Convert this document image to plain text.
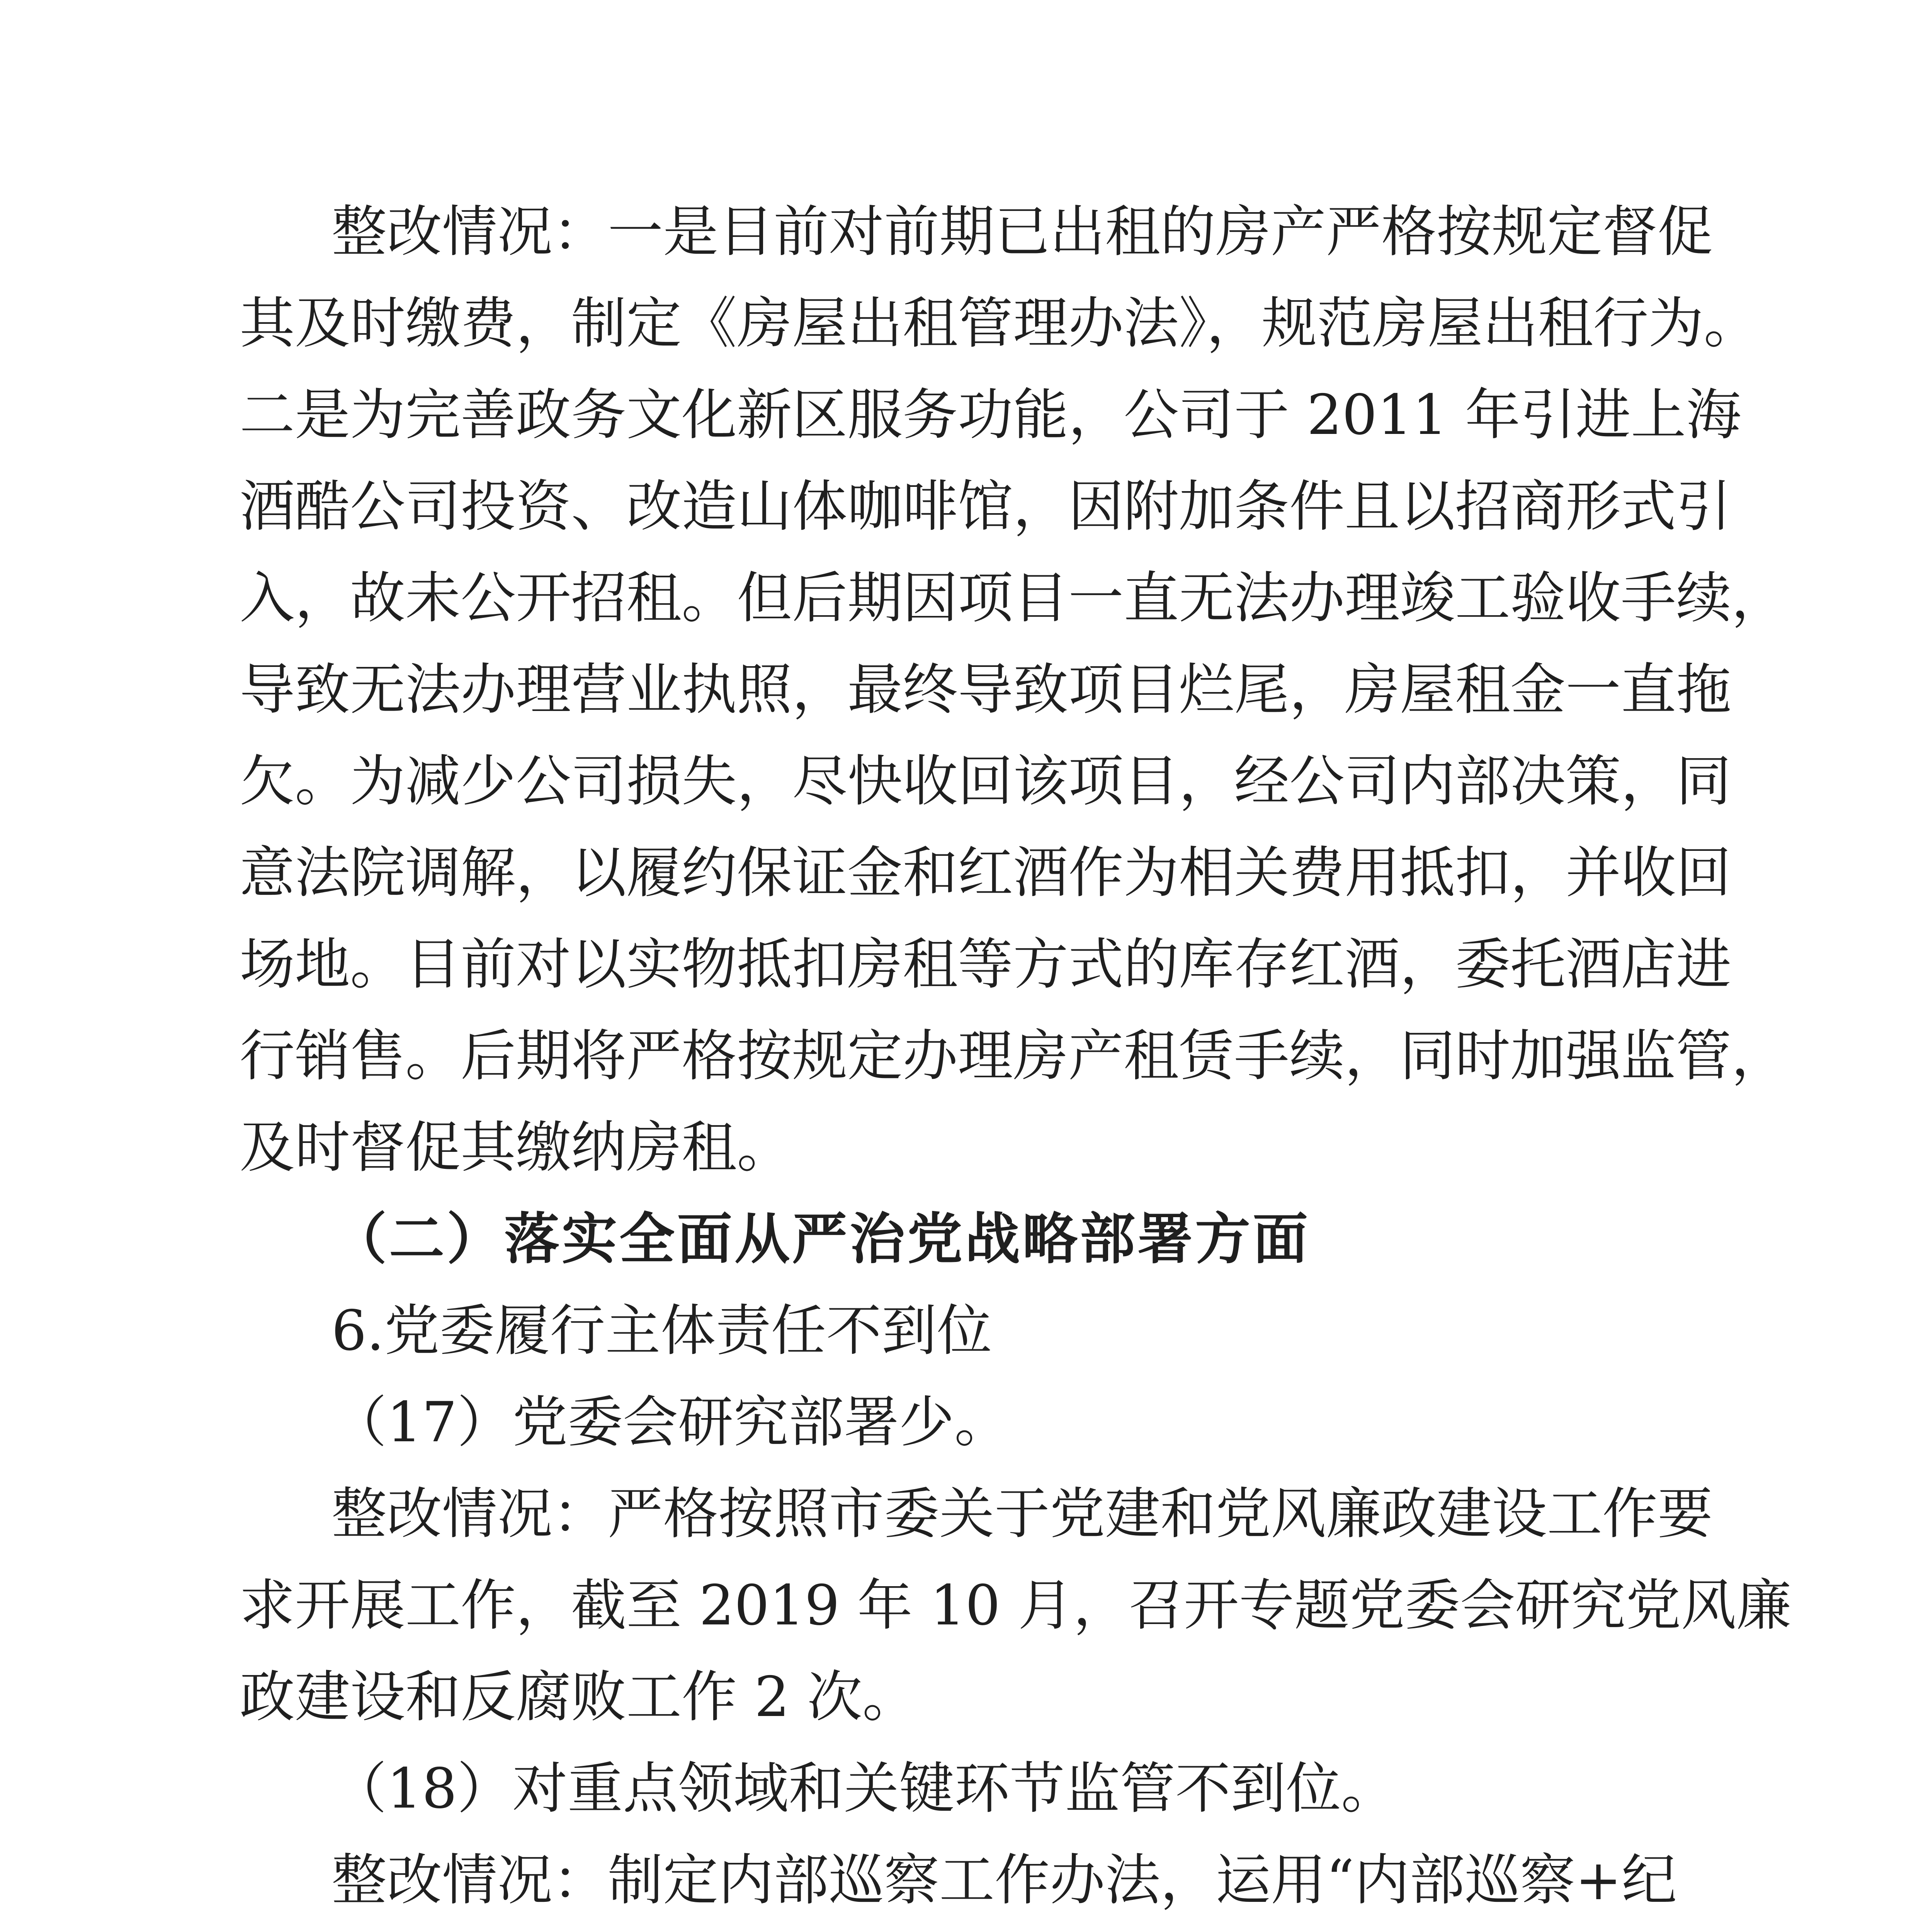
整改情况：一是目前对前期已出租的房产严格按规定督促
其及时缴费，制定《房屋出租管理办法》，规范房屋出租行为。
二是为完善政务文化新区服务功能，公司于 2011 年引进上海
酒酷公司投资、改造山体咖啡馆，因附加条件且以招商形式引
入，故未公开招租。但后期因项目一直无法办理竣工验收手续，
导致无法办理营业执照，最终导致项目烂尾，房屋租金一直拖
欠。为减少公司损失，尽快收回该项目，经公司内部决策，同
意法院调解，以履约保证金和红酒作为相关费用抵扣，并收回
场地。目前对以实物抵扣房租等方式的库存红酒，委托酒店进
行销售。后期将严格按规定办理房产租赁手续，同时加强监管，
及时督促其缴纳房租。
（二）落实全面从严治党战略部署方面
6.党委履行主体责任不到位
（17）党委会研究部署少。
整改情况：严格按照市委关于党建和党风廉政建设工作要
求开展工作，截至 2019 年 10 月，召开专题党委会研究党风廉
政建设和反腐败工作 2 次。
（18）对重点领域和关键环节监管不到位。
整改情况：制定内部巡察工作办法，运用“内部巡察+纪
